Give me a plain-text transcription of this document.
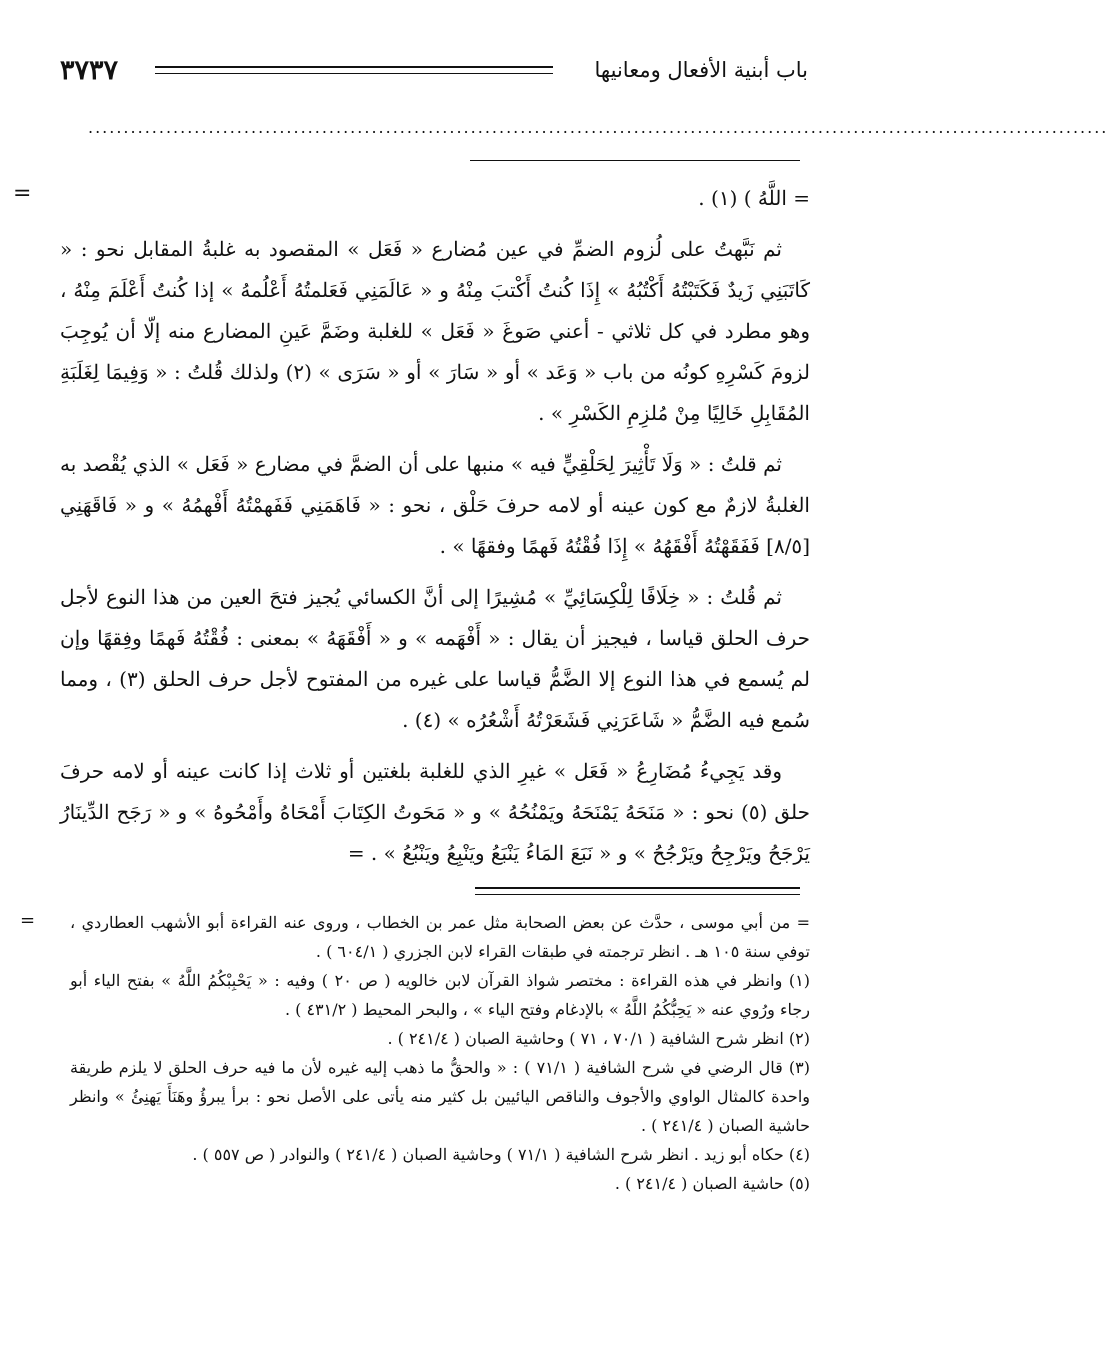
٣٧٣٧	باب أبنية الأفعال ومعانيها
................................................................................................................................................
=	= اللَّهُ ) (١) .

ثم نَبَّهتُ على لُزوم الضمِّ في عين مُضارع « فَعَل » المقصود به غلبةُ المقابل نحو : « كَاتَبَنِي زَيدٌ فَكَتَبْتُهُ أَكْتُبُهُ » إِذَا كُنتُ أَكْتبَ مِنْهُ و « عَالَمَنِي فَعَلمتُهُ أَعْلُمهُ » إذا كُنتُ أَعْلَمَ مِنْهُ ، وهو مطرد في كل ثلاثي - أعني صَوغَ « فَعَل » للغلبة وضَمَّ عَينِ المضارع منه إلّا أن يُوجِبَ لزومَ كَسْرِهِ كونُه من باب « وَعَد » أو « سَارَ » أو « سَرَى » (٢) ولذلك قُلتُ : « وَفِيمَا لِغَلَبَةِ المُقَابِلِ خَالِيًا مِنْ مُلزِمِ الكَسْرِ » .

ثم قلتُ : « وَلَا تَأْثِيرَ لِحَلْقِيٍّ فيه » منبها على أن الضمَّ في مضارع « فَعَل » الذي يُقْصد به الغلبةُ لازمٌ مع كون عينه أو لامه حرفَ حَلْق ، نحو : « فَاهَمَنِي فَفَهمْتُهُ أَفْهمُهُ » و « فَاقَهَنِي [٨/٥] فَفَقَهْتُهُ أَفْقَهُهُ » إِذَا فُقْتُهُ فَهمًا وفقهًا » .

ثم قُلتُ : « خِلَافًا لِلْكِسَائِيِّ » مُشِيرًا إلى أنَّ الكسائي يُجيز فتحَ العين من هذا النوع لأجل حرف الحلق قياسا ، فيجيز أن يقال : « أَفْهَمه » و « أَفْقَهَهُ » بمعنى : فُقْتُهُ فَهمًا وفِقهًا وإن لم يُسمع في هذا النوع إلا الضَّمُّ قياسا على غيره من المفتوح لأجل حرف الحلق (٣) ، ومما سُمع فيه الضَّمُّ « شَاعَرَنِي فَشَعَرْتُهُ أَشْعُرُه » (٤) .

وقد يَجِيءُ مُضَارِعُ « فَعَل » غيرِ الذي للغلبة بلغتين أو ثلاث إذا كانت عينه أو لامه حرفَ حلق (٥) نحو : « مَنَحَهُ يَمْنَحَهُ ويَمْنُحُهُ » و « مَحَوتُ الكِتَابَ أَمْحَاهُ وأَمْحُوهُ » و « رَجَح الدِّينَارُ يَرْجَحُ ويَرْجِحُ ويَرْجُحُ » و « نَبَعَ المَاءُ يَنْبَعُ ويَنْبِعُ ويَنْبُعُ » . =

= = من أبي موسى ، حدَّث عن بعض الصحابة مثل عمر بن الخطاب ، وروى عنه القراءة أبو الأشهب العطاردي ، توفي سنة ١٠٥ هـ . انظر ترجمته في طبقات القراء لابن الجزري ( ٦٠٤/١ ) .

(١) وانظر في هذه القراءة : مختصر شواذ القرآن لابن خالويه ( ص ٢٠ ) وفيه : « يَحْبِبْكُمُ اللَّهُ » بفتح الياء أبو رجاء ورُوي عنه « يَحِبُّكُمُ اللَّهُ » بالإدغام وفتح الياء » ، والبحر المحيط ( ٤٣١/٢ ) .

(٢) انظر شرح الشافية ( ٧٠/١ ، ٧١ ) وحاشية الصبان ( ٢٤١/٤ ) .

(٣) قال الرضي في شرح الشافية ( ٧١/١ ) : « والحقُّ ما ذهب إليه غيره لأن ما فيه حرف الحلق لا يلزم طريقة واحدة كالمثال الواوي والأجوف والناقص اليائيين بل كثير منه يأتى على الأصل نحو : برأ يبرؤُ وهَنَأَ يَهنِئُ » وانظر حاشية الصبان ( ٢٤١/٤ ) .

(٤) حكاه أبو زيد . انظر شرح الشافية ( ٧١/١ ) وحاشية الصبان ( ٢٤١/٤ ) والنوادر ( ص ٥٥٧ ) .

(٥) حاشية الصبان ( ٢٤١/٤ ) .
